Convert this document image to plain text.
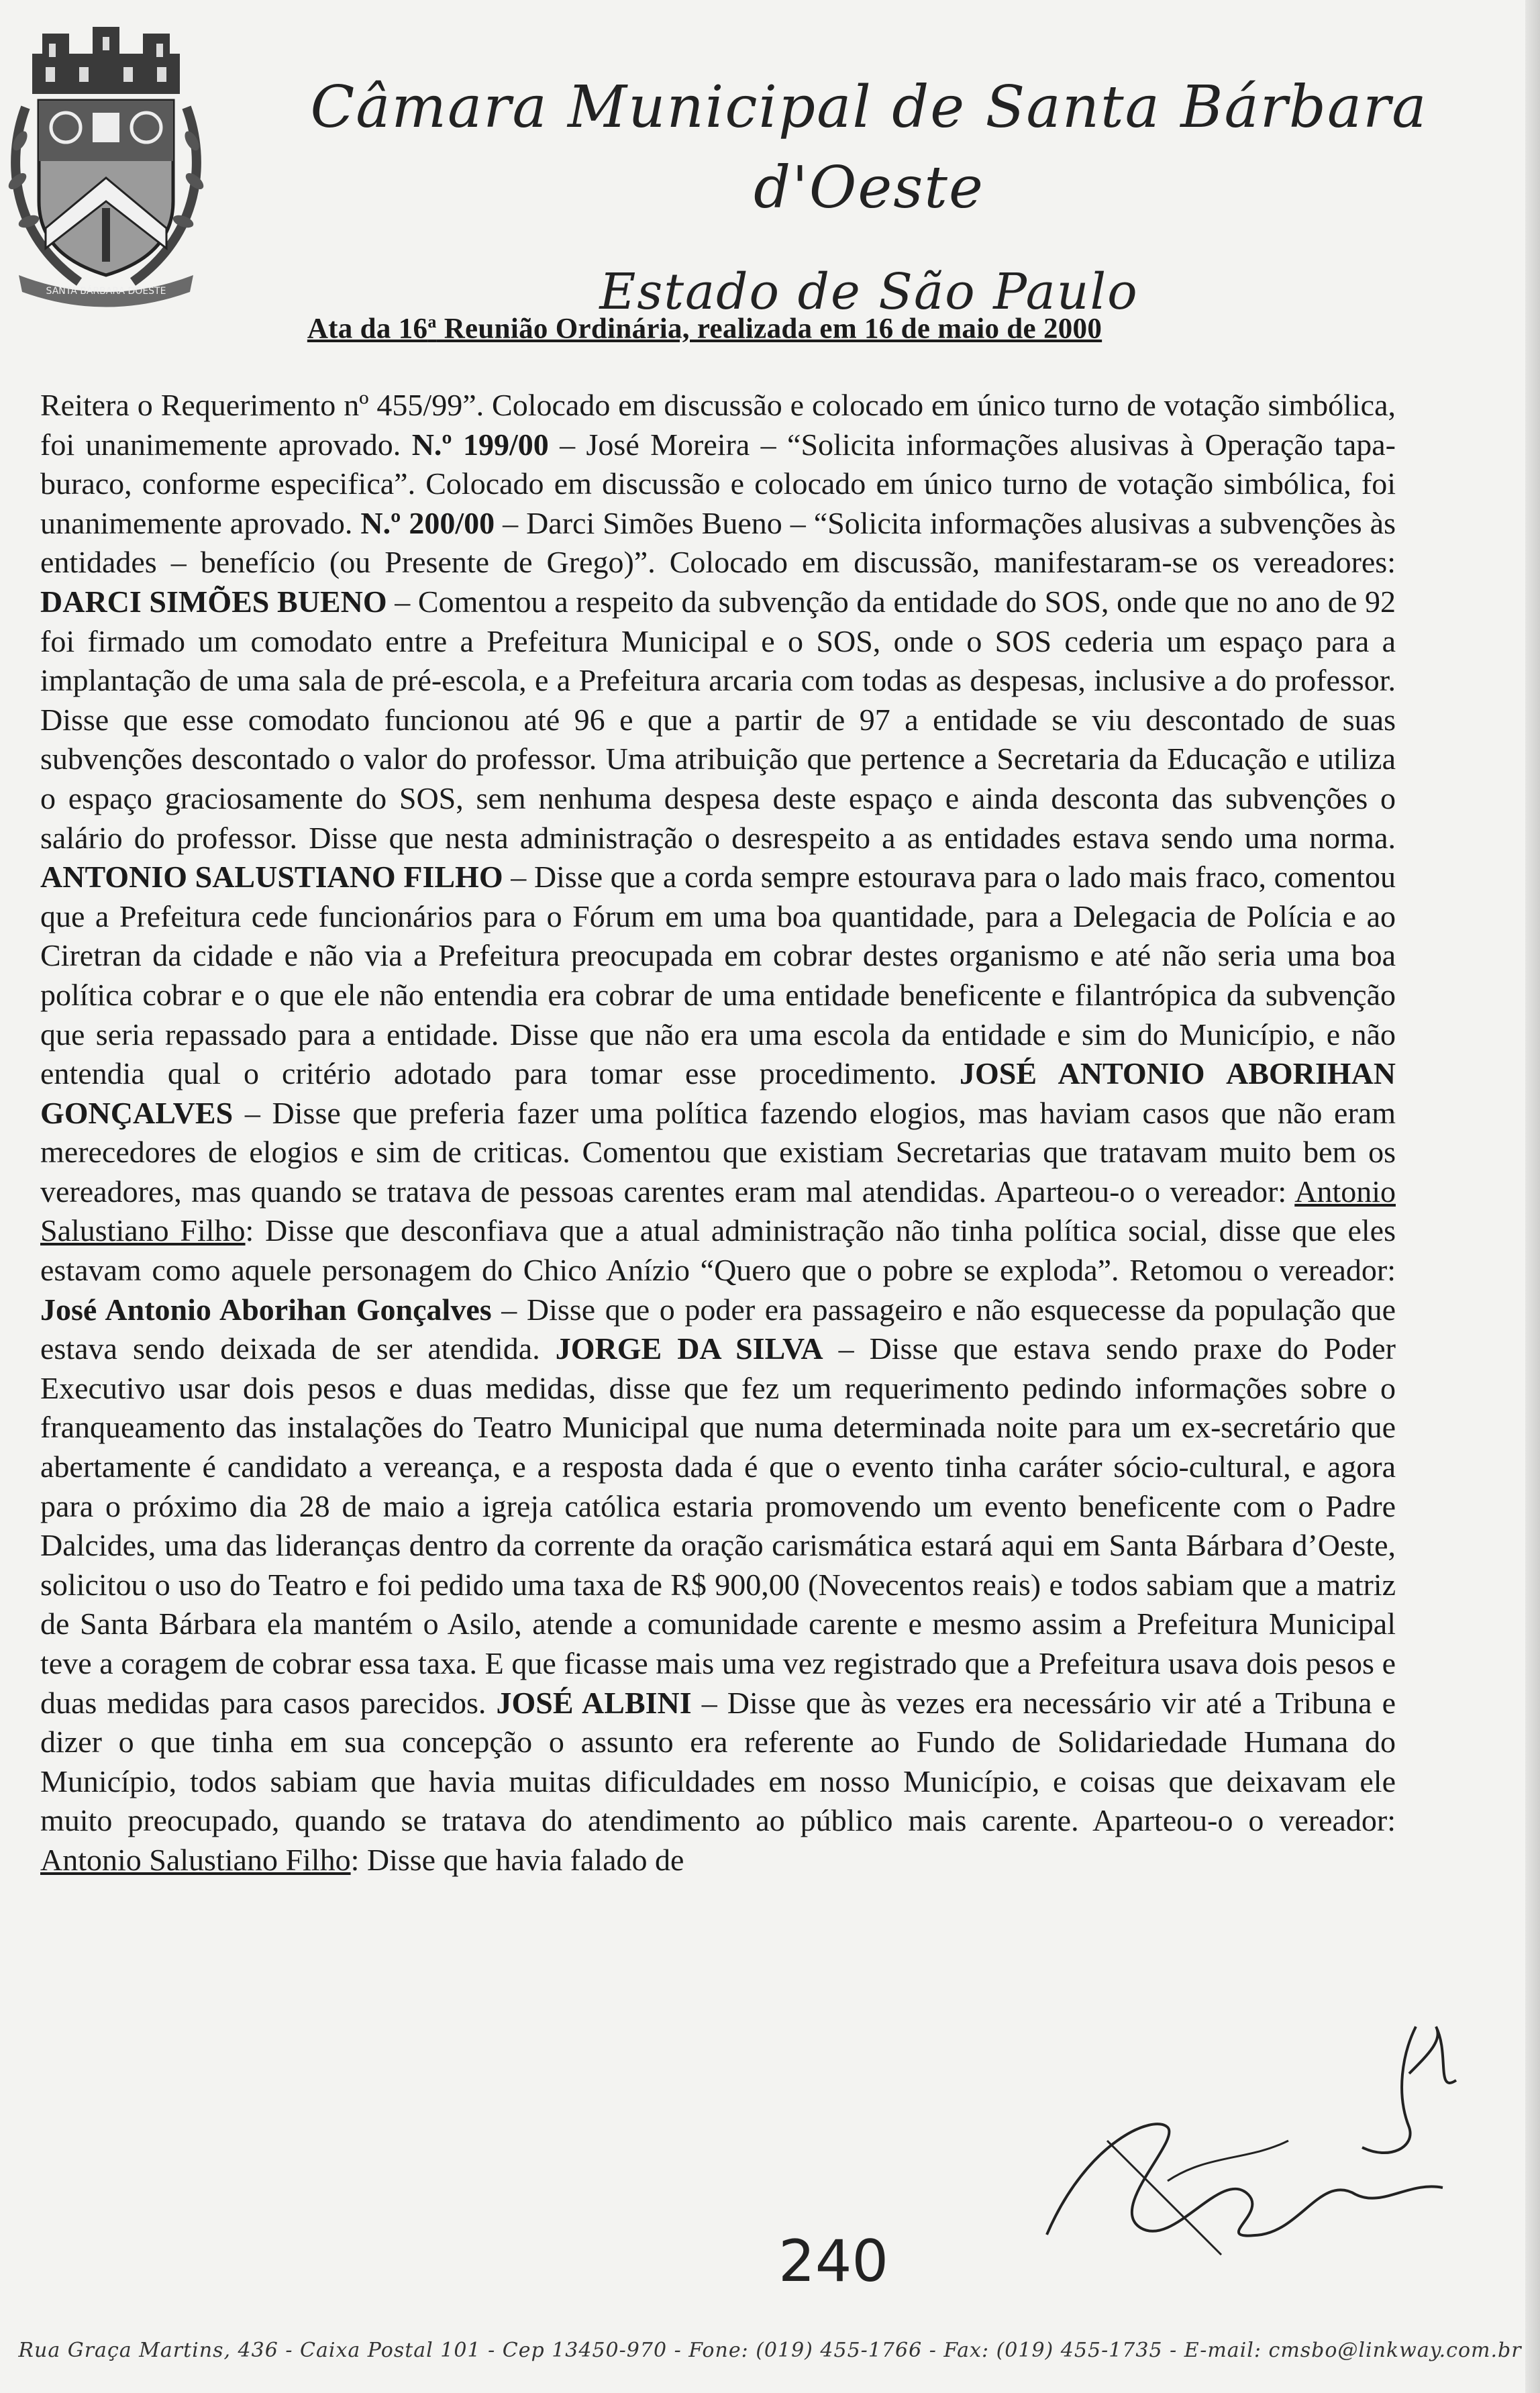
SANTA BÁRBARA DOESTE
Câmara Municipal de Santa Bárbara d'Oeste
Estado de São Paulo
Ata da 16$^a$ Reunião Ordinária, realizada em 16 de maio de 2000
Reitera o Requerimento nº 455/99”. Colocado em discussão e colocado em único turno de votação simbólica, foi unanimemente aprovado. N.º 199/00 – José Moreira – “Solicita informações alusivas à Operação tapa-buraco, conforme especifica”. Colocado em discussão e colocado em único turno de votação simbólica, foi unanimemente aprovado. N.º 200/00 – Darci Simões Bueno – “Solicita informações alusivas a subvenções às entidades – benefício (ou Presente de Grego)”. Colocado em discussão, manifestaram-se os vereadores: DARCI SIMÕES BUENO – Comentou a respeito da subvenção da entidade do SOS, onde que no ano de 92 foi firmado um comodato entre a Prefeitura Municipal e o SOS, onde o SOS cederia um espaço para a implantação de uma sala de pré-escola, e a Prefeitura arcaria com todas as despesas, inclusive a do professor. Disse que esse comodato funcionou até 96 e que a partir de 97 a entidade se viu descontado de suas subvenções descontado o valor do professor. Uma atribuição que pertence a Secretaria da Educação e utiliza o espaço graciosamente do SOS, sem nenhuma despesa deste espaço e ainda desconta das subvenções o salário do professor. Disse que nesta administração o desrespeito a as entidades estava sendo uma norma. ANTONIO SALUSTIANO FILHO – Disse que a corda sempre estourava para o lado mais fraco, comentou que a Prefeitura cede funcionários para o Fórum em uma boa quantidade, para a Delegacia de Polícia e ao Ciretran da cidade e não via a Prefeitura preocupada em cobrar destes organismo e até não seria uma boa política cobrar e o que ele não entendia era cobrar de uma entidade beneficente e filantrópica da subvenção que seria repassado para a entidade. Disse que não era uma escola da entidade e sim do Município, e não entendia qual o critério adotado para tomar esse procedimento. JOSÉ ANTONIO ABORIHAN GONÇALVES – Disse que preferia fazer uma política fazendo elogios, mas haviam casos que não eram merecedores de elogios e sim de criticas. Comentou que existiam Secretarias que tratavam muito bem os vereadores, mas quando se tratava de pessoas carentes eram mal atendidas. Aparteou-o o vereador: Antonio Salustiano Filho: Disse que desconfiava que a atual administração não tinha política social, disse que eles estavam como aquele personagem do Chico Anízio “Quero que o pobre se exploda”. Retomou o vereador: José Antonio Aborihan Gonçalves – Disse que o poder era passageiro e não esquecesse da população que estava sendo deixada de ser atendida. JORGE DA SILVA – Disse que estava sendo praxe do Poder Executivo usar dois pesos e duas medidas, disse que fez um requerimento pedindo informações sobre o franqueamento das instalações do Teatro Municipal que numa determinada noite para um ex-secretário que abertamente é candidato a vereança, e a resposta dada é que o evento tinha caráter sócio-cultural, e agora para o próximo dia 28 de maio a igreja católica estaria promovendo um evento beneficente com o Padre Dalcides, uma das lideranças dentro da corrente da oração carismática estará aqui em Santa Bárbara d’Oeste, solicitou o uso do Teatro e foi pedido uma taxa de R$ 900,00 (Novecentos reais) e todos sabiam que a matriz de Santa Bárbara ela mantém o Asilo, atende a comunidade carente e mesmo assim a Prefeitura Municipal teve a coragem de cobrar essa taxa. E que ficasse mais uma vez registrado que a Prefeitura usava dois pesos e duas medidas para casos parecidos. JOSÉ ALBINI – Disse que às vezes era necessário vir até a Tribuna e dizer o que tinha em sua concepção o assunto era referente ao Fundo de Solidariedade Humana do Município, todos sabiam que havia muitas dificuldades em nosso Município, e coisas que deixavam ele muito preocupado, quando se tratava do atendimento ao público mais carente. Aparteou-o o vereador: Antonio Salustiano Filho: Disse que havia falado de
240
Rua Graça Martins, 436 - Caixa Postal 101 - Cep 13450-970 - Fone: (019) 455-1766 - Fax: (019) 455-1735 - E-mail: cmsbo@linkway.com.br
